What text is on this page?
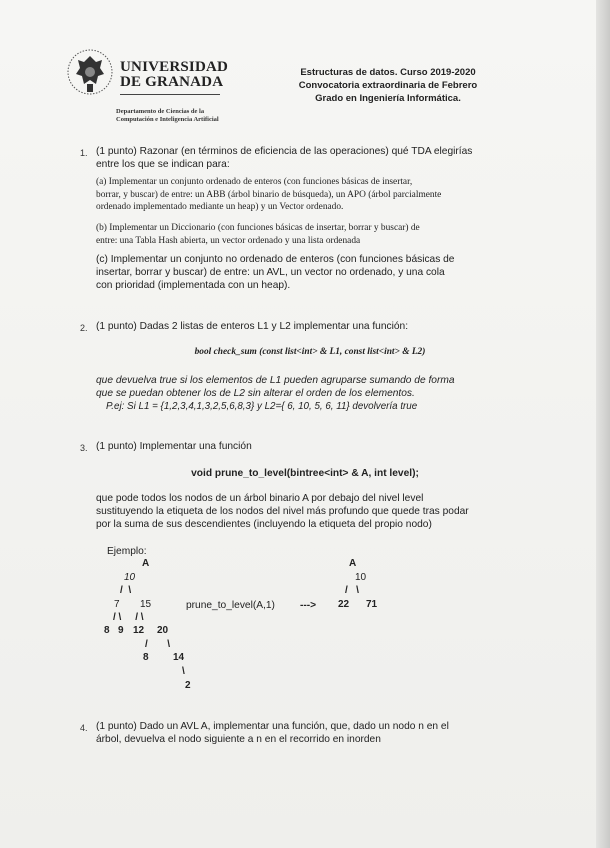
UNIVERSIDAD
DE GRANADA
Departamento de Ciencias de la
Computación e Inteligencia Artificial
Estructuras de datos. Curso 2019-2020
Convocatoria extraordinaria de Febrero
Grado en Ingeniería Informática.
1. (1 punto) Razonar (en términos de eficiencia de las operaciones) qué TDA elegirías
entre los que se indican para:
(a) Implementar un conjunto ordenado de enteros (con funciones básicas de insertar,
borrar, y buscar) de entre: un ABB (árbol binario de búsqueda), un APO (árbol parcialmente
ordenado implementado mediante un heap) y un Vector ordenado.
(b) Implementar un Diccionario (con funciones básicas de insertar, borrar y buscar) de
entre: una Tabla Hash abierta, un vector ordenado y una lista ordenada
(c) Implementar un conjunto no ordenado de enteros (con funciones básicas de
insertar, borrar y buscar) de entre: un AVL, un vector no ordenado, y una cola
con prioridad (implementada con un heap).
2. (1 punto) Dadas 2 listas de enteros L1 y L2 implementar una función:
bool check_sum (const list<int> & L1, const list<int> & L2)
que devuelva true si los elementos de L1 pueden agruparse sumando de forma
que se puedan obtener los de L2 sin alterar el orden de los elementos.
P.ej: Si L1 = {1,2,3,4,1,3,2,5,6,8,3} y L2={ 6, 10, 5, 6, 11} devolvería true
3. (1 punto) Implementar una función
void prune_to_level(bintree<int> & A, int level);
que pode todos los nodos de un árbol binario A por debajo del nivel level
sustituyendo la etiqueta de los nodos del nivel más profundo que quede tras podar
por la suma de sus descendientes (incluyendo la etiqueta del propio nodo)
Ejemplo:
A
10
/  \
7 15
/ \     / \
8 9 12 20
/       \
8 14
\
2
prune_to_level(A,1) --->
A
10
/   \
22 71
4. (1 punto) Dado un AVL A, implementar una función, que, dado un nodo n en el
árbol, devuelva el nodo siguiente a n en el recorrido en inorden
